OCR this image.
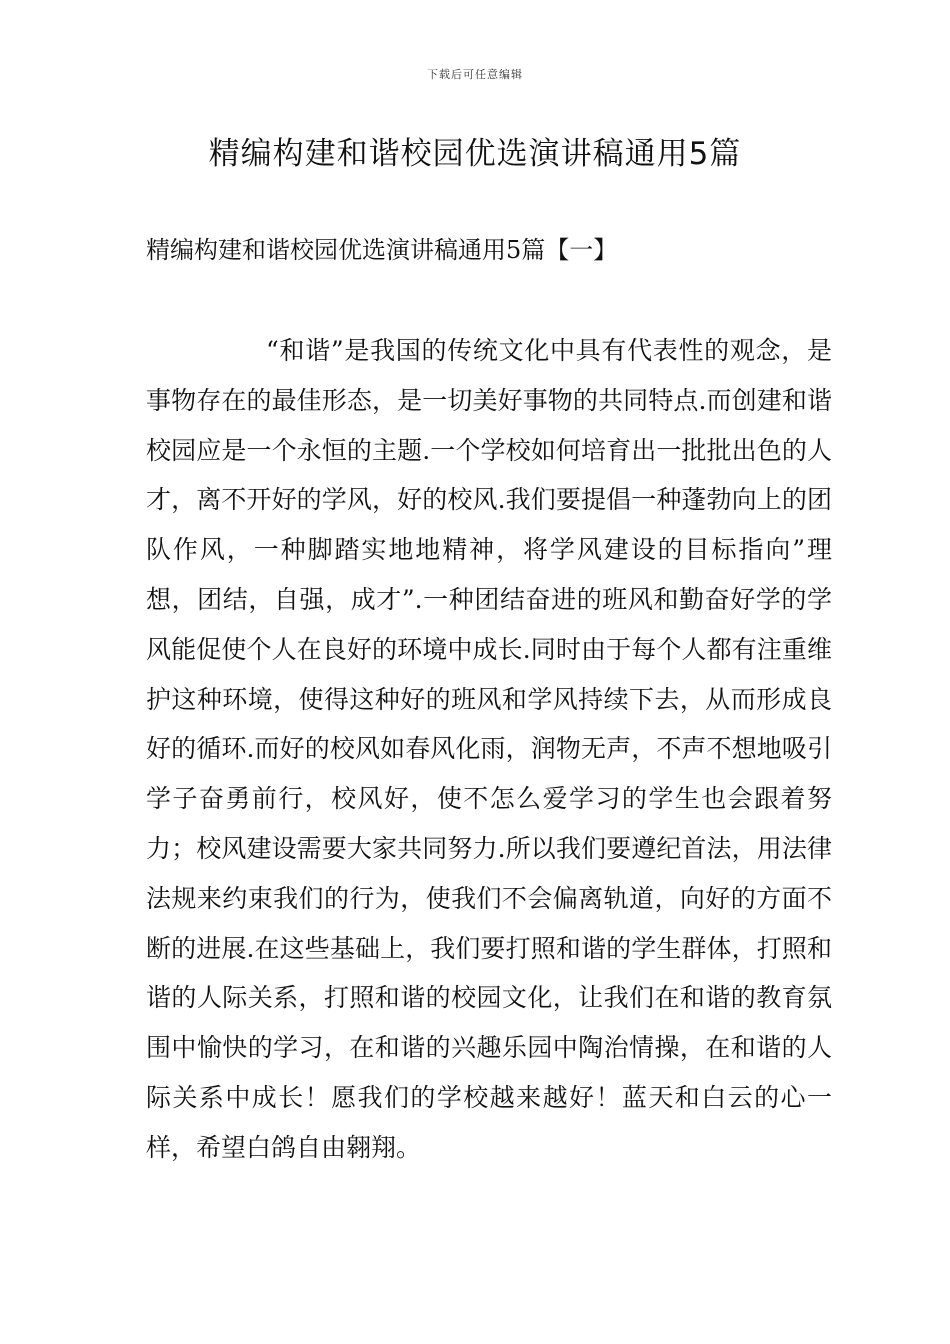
下载后可任意编辑
精编构建和谐校园优选演讲稿通用5篇
精编构建和谐校园优选演讲稿通用5篇【一】

“和谐”是我国的传统文化中具有代表性的观念，是事物存在的最佳形态，是一切美好事物的共同特点.而创建和谐校园应是一个永恒的主题.一个学校如何培育出一批批出色的人才，离不开好的学风，好的校风.我们要提倡一种蓬勃向上的团队作风，一种脚踏实地地精神，将学风建设的目标指向”理想，团结，自强，成才”.一种团结奋进的班风和勤奋好学的学风能促使个人在良好的环境中成长.同时由于每个人都有注重维护这种环境，使得这种好的班风和学风持续下去，从而形成良好的循环.而好的校风如春风化雨，润物无声，不声不想地吸引学子奋勇前行，校风好，使不怎么爱学习的学生也会跟着努力；校风建设需要大家共同努力.所以我们要遵纪首法，用法律法规来约束我们的行为，使我们不会偏离轨道，向好的方面不断的进展.在这些基础上，我们要打照和谐的学生群体，打照和谐的人际关系，打照和谐的校园文化，让我们在和谐的教育氛围中愉快的学习，在和谐的兴趣乐园中陶治情操，在和谐的人际关系中成长！愿我们的学校越来越好！蓝天和白云的心一样，希望白鸽自由翱翔。
